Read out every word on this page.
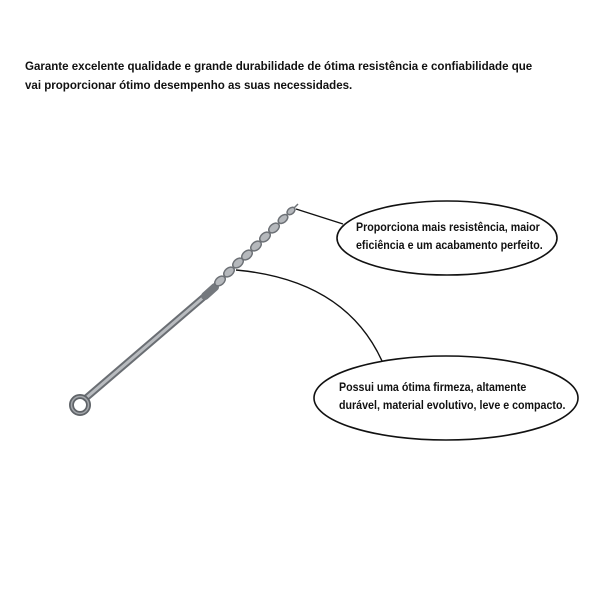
Garante excelente qualidade e grande durabilidade de ótima resistência e confiabilidade que

vai proporcionar ótimo desempenho as suas necessidades.

Proporciona mais resistência, maior

eficiência e um acabamento perfeito.

Possui uma ótima firmeza, altamente

durável, material evolutivo, leve e compacto.
